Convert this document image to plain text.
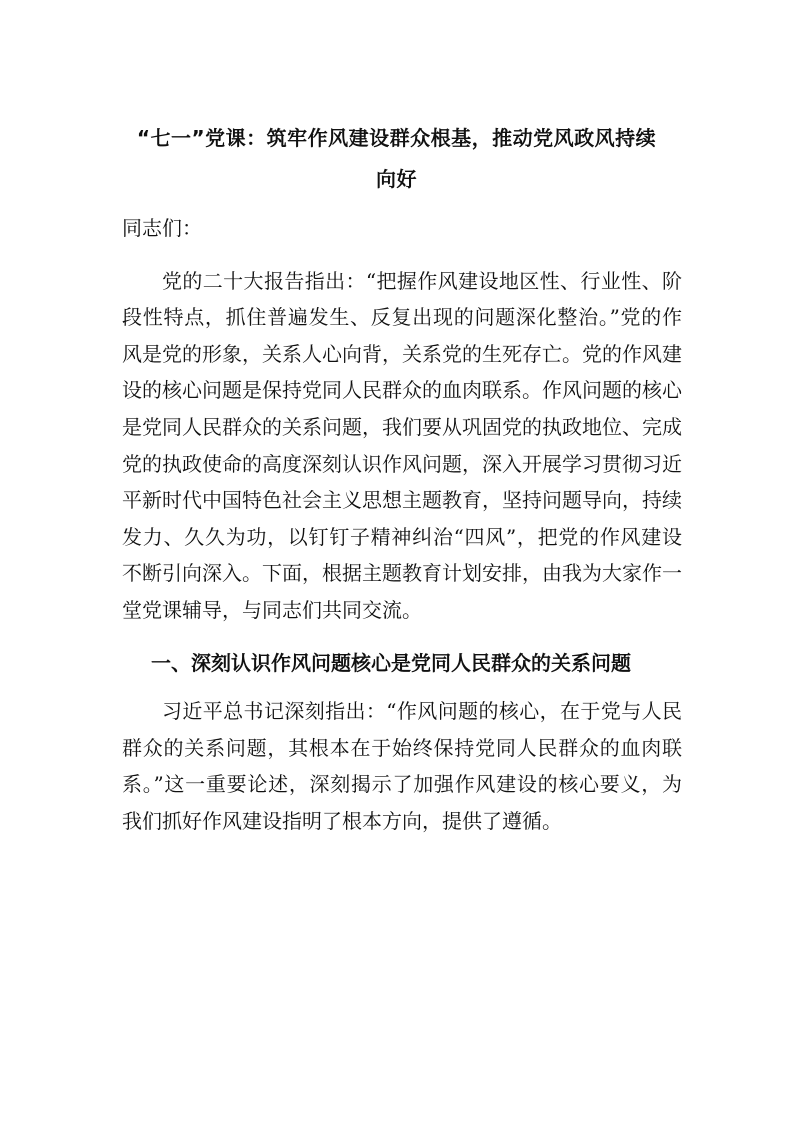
“七一”党课：筑牢作风建设群众根基，推动党风政风持续
向好

同志们：

党的二十大报告指出：“把握作风建设地区性、行业性、阶段性特点，抓住普遍发生、反复出现的问题深化整治。”党的作风是党的形象，关系人心向背，关系党的生死存亡。党的作风建设的核心问题是保持党同人民群众的血肉联系。作风问题的核心是党同人民群众的关系问题，我们要从巩固党的执政地位、完成党的执政使命的高度深刻认识作风问题，深入开展学习贯彻习近平新时代中国特色社会主义思想主题教育，坚持问题导向，持续发力、久久为功，以钉钉子精神纠治“四风”，把党的作风建设不断引向深入。下面，根据主题教育计划安排，由我为大家作一堂党课辅导，与同志们共同交流。

一、深刻认识作风问题核心是党同人民群众的关系问题

习近平总书记深刻指出：“作风问题的核心，在于党与人民群众的关系问题，其根本在于始终保持党同人民群众的血肉联系。”这一重要论述，深刻揭示了加强作风建设的核心要义，为我们抓好作风建设指明了根本方向，提供了遵循。
